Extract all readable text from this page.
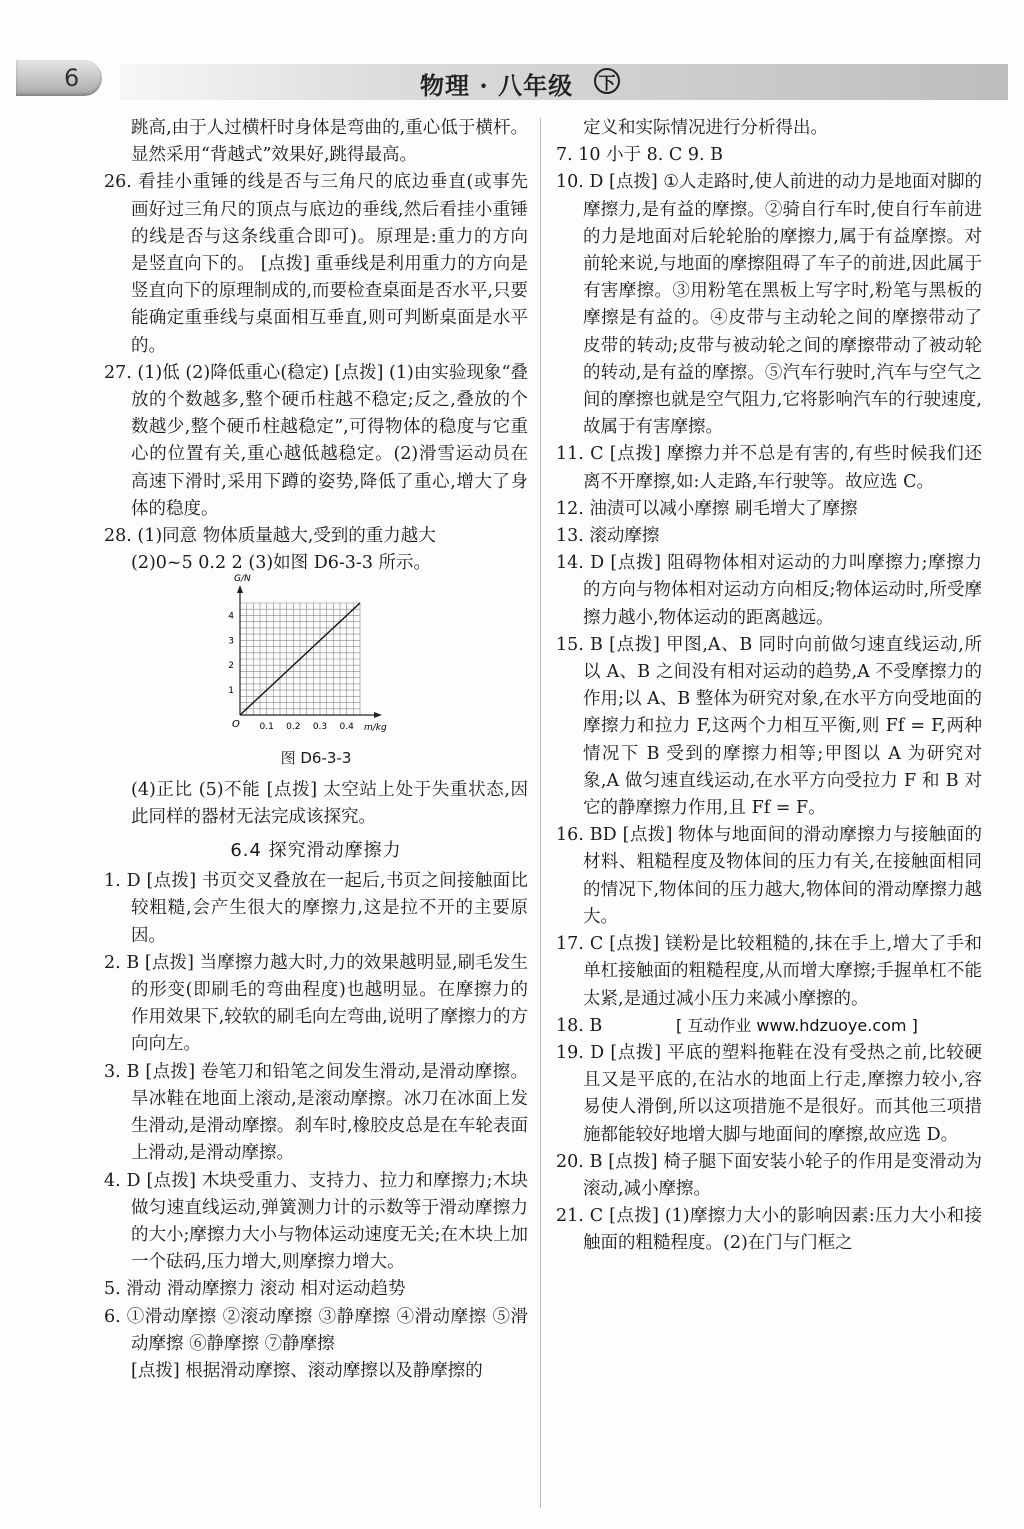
6	物理 · 八年级 下

跳高,由于人过横杆时身体是弯曲的,重心低于横杆。显然采用“背越式”效果好,跳得最高。

26. 看挂小重锤的线是否与三角尺的底边垂直(或事先画好过三角尺的顶点与底边的垂线,然后看挂小重锤的线是否与这条线重合即可)。原理是:重力的方向是竖直向下的。 [点拨] 重垂线是利用重力的方向是竖直向下的原理制成的,而要检查桌面是否水平,只要能确定重垂线与桌面相互垂直,则可判断桌面是水平的。

27. (1)低 (2)降低重心(稳定) [点拨] (1)由实验现象“叠放的个数越多,整个硬币柱越不稳定;反之,叠放的个数越少,整个硬币柱越稳定”,可得物体的稳度与它重心的位置有关,重心越低越稳定。(2)滑雪运动员在高速下滑时,采用下蹲的姿势,降低了重心,增大了身体的稳度。

28. (1)同意 物体质量越大,受到的重力越大

(2)0~5 0.2 2 (3)如图 D6-3-3 所示。

0.1 0.2 0.3 0.4
1
2
3
4
O	m/kg
G/N

图 D6-3-3

(4)正比 (5)不能 [点拨] 太空站上处于失重状态,因此同样的器材无法完成该探究。

6.4 探究滑动摩擦力

1. D [点拨] 书页交叉叠放在一起后,书页之间接触面比较粗糙,会产生很大的摩擦力,这是拉不开的主要原因。

2. B [点拨] 当摩擦力越大时,力的效果越明显,刷毛发生的形变(即刷毛的弯曲程度)也越明显。在摩擦力的作用效果下,较软的刷毛向左弯曲,说明了摩擦力的方向向左。

3. B [点拨] 卷笔刀和铅笔之间发生滑动,是滑动摩擦。旱冰鞋在地面上滚动,是滚动摩擦。冰刀在冰面上发生滑动,是滑动摩擦。刹车时,橡胶皮总是在车轮表面上滑动,是滑动摩擦。

4. D [点拨] 木块受重力、支持力、拉力和摩擦力;木块做匀速直线运动,弹簧测力计的示数等于滑动摩擦力的大小;摩擦力大小与物体运动速度无关;在木块上加一个砝码,压力增大,则摩擦力增大。

5. 滑动 滑动摩擦力 滚动 相对运动趋势

6. ①滑动摩擦 ②滚动摩擦 ③静摩擦 ④滑动摩擦 ⑤滑动摩擦 ⑥静摩擦 ⑦静摩擦

[点拨] 根据滑动摩擦、滚动摩擦以及静摩擦的

定义和实际情况进行分析得出。

7. 10 小于 8. C 9. B

10. D [点拨] ①人走路时,使人前进的动力是地面对脚的摩擦力,是有益的摩擦。②骑自行车时,使自行车前进的力是地面对后轮轮胎的摩擦力,属于有益摩擦。对前轮来说,与地面的摩擦阻碍了车子的前进,因此属于有害摩擦。③用粉笔在黑板上写字时,粉笔与黑板的摩擦是有益的。④皮带与主动轮之间的摩擦带动了皮带的转动;皮带与被动轮之间的摩擦带动了被动轮的转动,是有益的摩擦。⑤汽车行驶时,汽车与空气之间的摩擦也就是空气阻力,它将影响汽车的行驶速度,故属于有害摩擦。

11. C [点拨] 摩擦力并不总是有害的,有些时候我们还离不开摩擦,如:人走路,车行驶等。故应选 C。

12. 油渍可以减小摩擦 刷毛增大了摩擦

13. 滚动摩擦

14. D [点拨] 阻碍物体相对运动的力叫摩擦力;摩擦力的方向与物体相对运动方向相反;物体运动时,所受摩擦力越小,物体运动的距离越远。

15. B [点拨] 甲图,A、B 同时向前做匀速直线运动,所以 A、B 之间没有相对运动的趋势,A 不受摩擦力的作用;以 A、B 整体为研究对象,在水平方向受地面的摩擦力和拉力 F,这两个力相互平衡,则 Ff = F,两种情况下 B 受到的摩擦力相等;甲图以 A 为研究对象,A 做匀速直线运动,在水平方向受拉力 F 和 B 对它的静摩擦力作用,且 Ff = F。

16. BD [点拨] 物体与地面间的滑动摩擦力与接触面的材料、粗糙程度及物体间的压力有关,在接触面相同的情况下,物体间的压力越大,物体间的滑动摩擦力越大。

17. C [点拨] 镁粉是比较粗糙的,抹在手上,增大了手和单杠接触面的粗糙程度,从而增大摩擦;手握单杠不能太紧,是通过减小压力来减小摩擦的。

18. B

19. D [点拨] 平底的塑料拖鞋在没有受热之前,比较硬且又是平底的,在沾水的地面上行走,摩擦力较小,容易使人滑倒,所以这项措施不是很好。而其他三项措施都能较好地增大脚与地面间的摩擦,故应选 D。

20. B [点拨] 椅子腿下面安装小轮子的作用是变滑动为滚动,减小摩擦。

21. C [点拨] (1)摩擦力大小的影响因素:压力大小和接触面的粗糙程度。(2)在门与门框之

[ 互动作业 www.hdzuoye.com ]
